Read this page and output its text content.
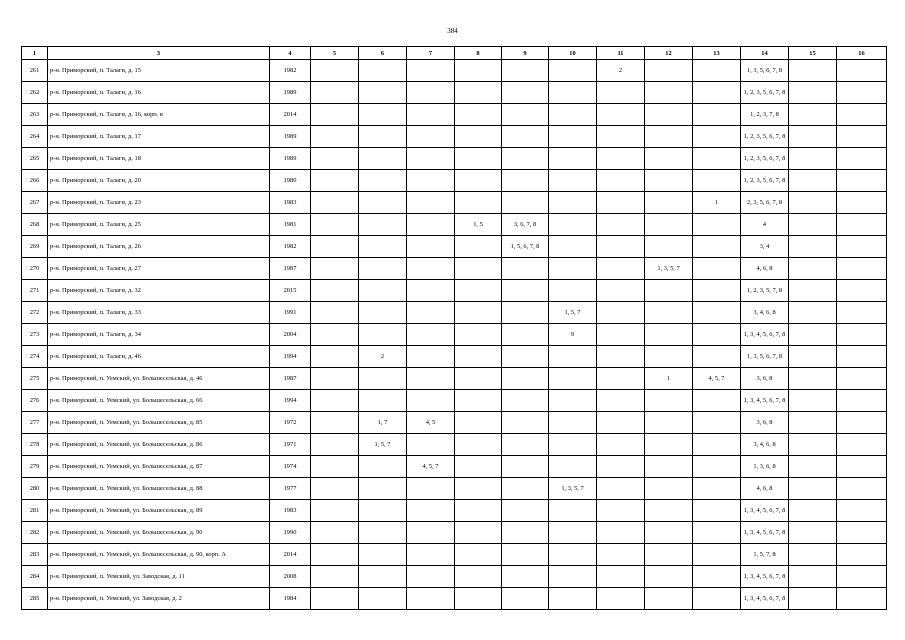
384
1	3	4	5	6	7	8	9	10	11	12	13	14	15	16
261	р-н. Приморский, п. Талаги, д. 15	1982							2			1, 3, 5, 6, 7, 8		
262	р-н. Приморский, п. Талаги, д. 16	1989										1, 2, 3, 5, 6, 7, 8		
263	р-н. Приморский, п. Талаги, д. 16, корп. в	2014										1, 2, 3, 7, 8		
264	р-н. Приморский, п. Талаги, д. 17	1989										1, 2, 3, 5, 6, 7, 8		
265	р-н. Приморский, п. Талаги, д. 18	1989										1, 2, 3, 5, 6, 7, 8		
266	р-н. Приморский, п. Талаги, д. 20	1980										1, 2, 3, 5, 6, 7, 8		
267	р-н. Приморский, п. Талаги, д. 23	1983									1	2, 3, 5, 6, 7, 8		
268	р-н. Приморский, п. Талаги, д. 25	1981				1, 5	3, 6, 7, 8					4		
269	р-н. Приморский, п. Талаги, д. 26	1982					1, 5, 6, 7, 8					3, 4		
270	р-н. Приморский, п. Талаги, д. 27	1987								1, 3, 5, 7		4, 6, 8		
271	р-н. Приморский, п. Талаги, д. 32	2015										1, 2, 3, 5, 7, 8		
272	р-н. Приморский, п. Талаги, д. 33	1991						1, 5, 7				3, 4, 6, 8		
273	р-н. Приморский, п. Талаги, д. 34	2004						9				1, 3, 4, 5, 6, 7, 8		
274	р-н. Приморский, п. Талаги, д. 46	1994		2								1, 3, 5, 6, 7, 8		
275	р-н. Приморский, п. Уемский, ул. Большесельская, д. 46	1987								1	4, 5, 7	3, 6, 8		
276	р-н. Приморский, п. Уемский, ул. Большесельская, д. 66	1994										1, 3, 4, 5, 6, 7, 8		
277	р-н. Приморский, п. Уемский, ул. Большесельская, д. 85	1972		1, 7	4, 5							3, 6, 8		
278	р-н. Приморский, п. Уемский, ул. Большесельская, д. 86	1971		1, 5, 7								3, 4, 6, 8		
279	р-н. Приморский, п. Уемский, ул. Большесельская, д. 87	1974			4, 5, 7							1, 3, 6, 8		
280	р-н. Приморский, п. Уемский, ул. Большесельская, д. 88	1977						1, 3, 5, 7				4, 6, 8		
281	р-н. Приморский, п. Уемский, ул. Большесельская, д. 89	1983										1, 3, 4, 5, 6, 7, 8		
282	р-н. Приморский, п. Уемский, ул. Большесельская, д. 90	1990										1, 3, 4, 5, 6, 7, 8		
283	р-н. Приморский, п. Уемский, ул. Большесельская, д. 90, корп. А	2014										1, 5, 7, 8		
284	р-н. Приморский, п. Уемский, ул. Заводская, д. 11	2008										1, 3, 4, 5, 6, 7, 8		
285	р-н. Приморский, п. Уемский, ул. Заводская, д. 2	1984										1, 3, 4, 5, 6, 7, 8		
